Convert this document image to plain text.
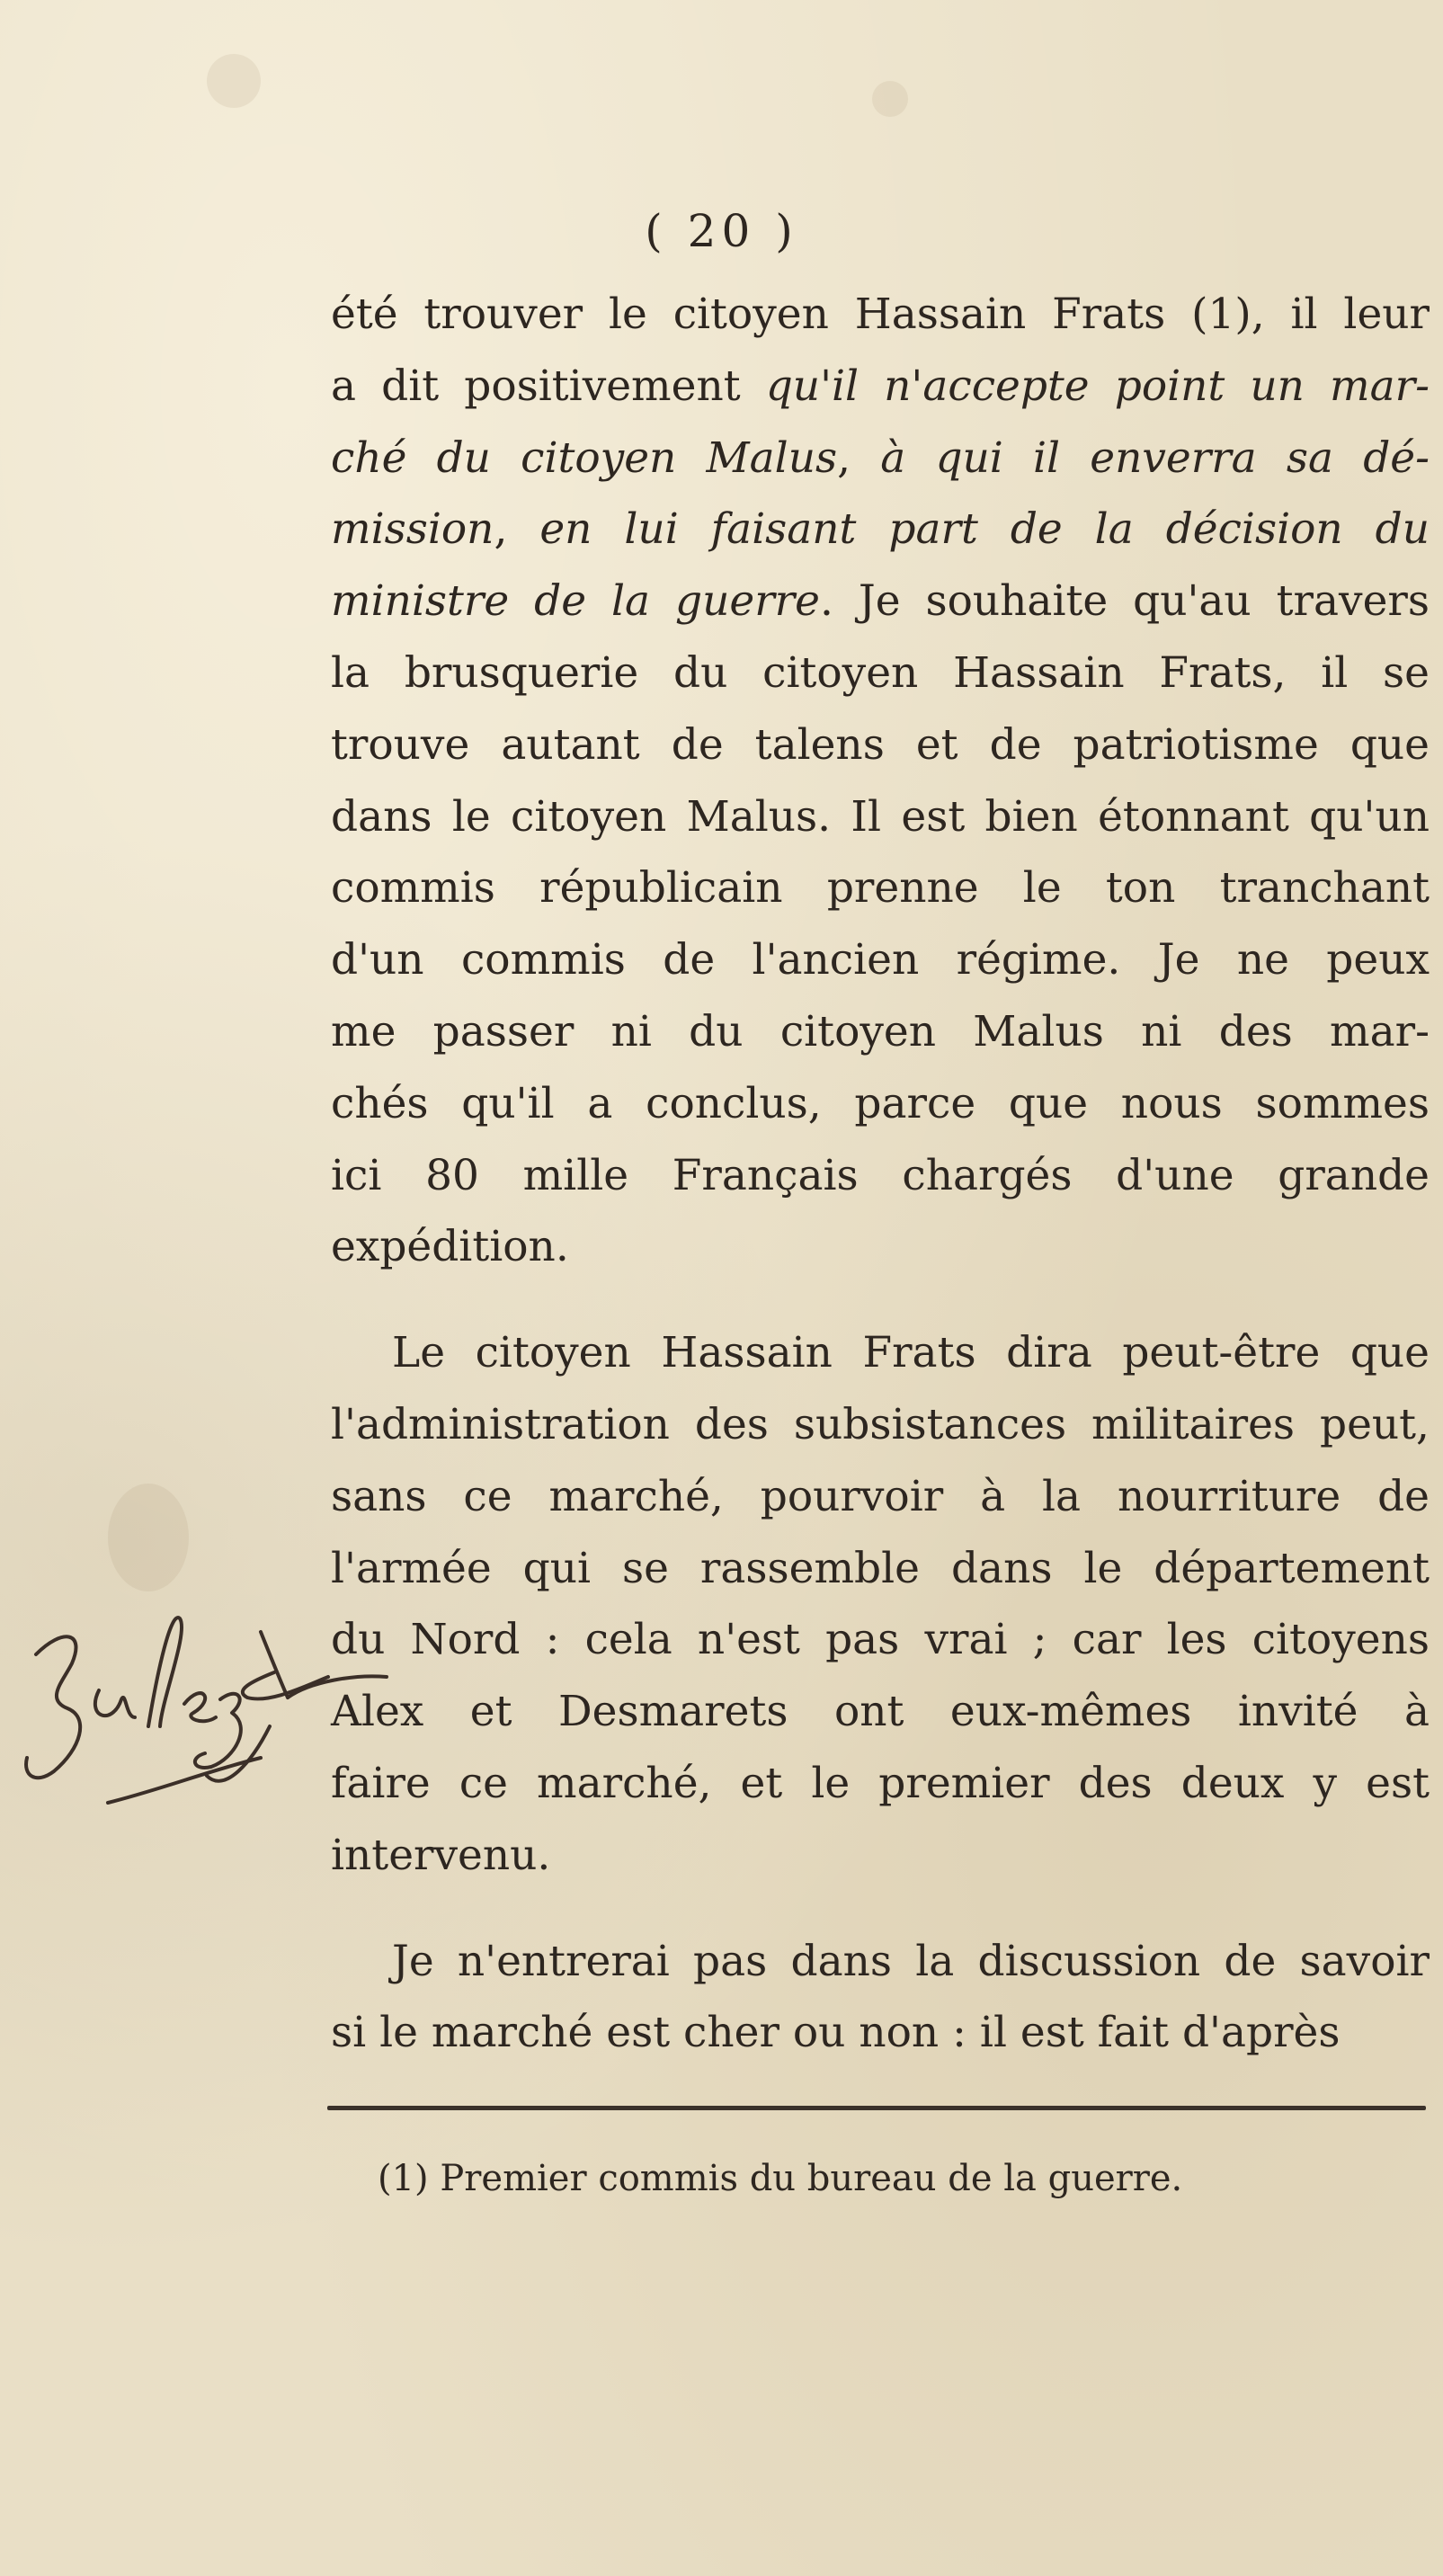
( 20 )
été trouver le citoyen Hassain Frats (1), il leur
a dit positivement qu'il n'accepte point un mar-
ché du citoyen Malus, à qui il enverra sa dé-
mission, en lui faisant part de la décision du
ministre de la guerre. Je souhaite qu'au travers
la brusquerie du citoyen Hassain Frats, il se
trouve autant de talens et de patriotisme que
dans le citoyen Malus. Il est bien étonnant qu'un
commis républicain prenne le ton tranchant
d'un commis de l'ancien régime. Je ne peux
me passer ni du citoyen Malus ni des mar-
chés qu'il a conclus, parce que nous sommes
ici 80 mille Français chargés d'une grande
expédition.
Le citoyen Hassain Frats dira peut-être que
l'administration des subsistances militaires peut,
sans ce marché, pourvoir à la nourriture de
l'armée qui se rassemble dans le département
du Nord : cela n'est pas vrai ; car les citoyens
Alex et Desmarets ont eux-mêmes invité à
faire ce marché, et le premier des deux y est
intervenu.
Je n'entrerai pas dans la discussion de savoir
si le marché est cher ou non : il est fait d'après
(1) Premier commis du bureau de la guerre.
